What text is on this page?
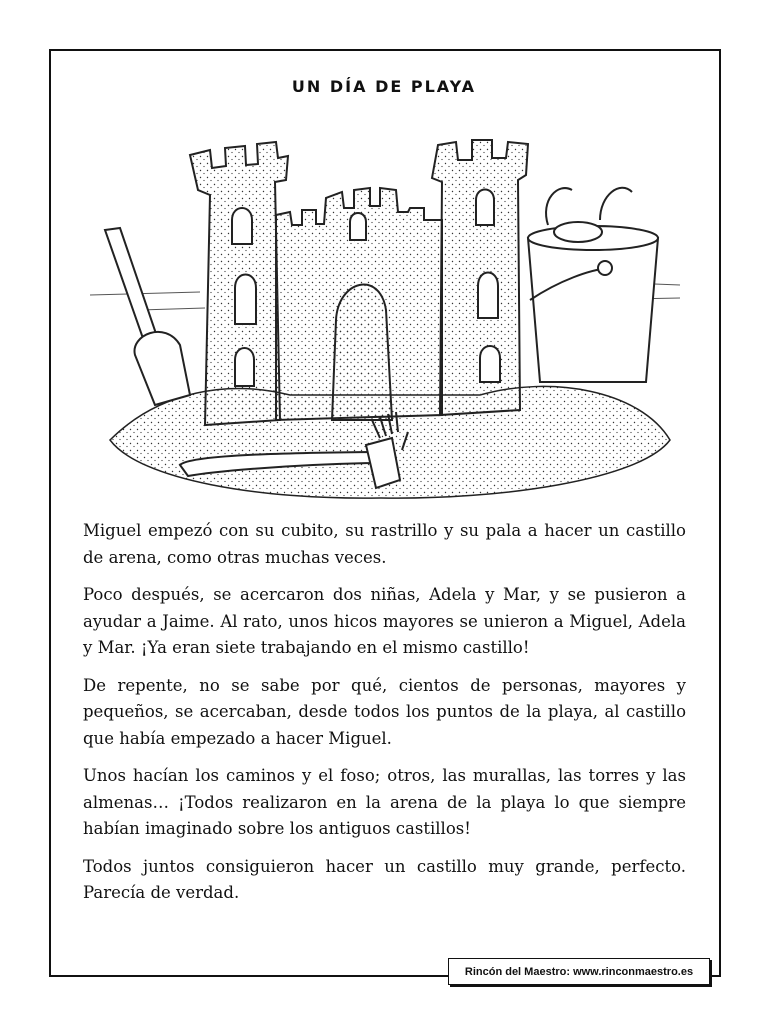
UN DÍA DE PLAYA

Miguel empezó con su cubito, su rastrillo y su pala a hacer un castillo de arena, como otras muchas veces.

Poco después, se acercaron dos niñas, Adela y Mar, y se pusieron a ayudar a Jaime. Al rato, unos hicos mayores se unieron a Miguel, Adela y Mar. ¡Ya eran siete trabajando en el mismo castillo!

De repente, no se sabe por qué, cientos de personas, mayores y pequeños, se acercaban, desde todos los puntos de la playa, al castillo que había empezado a hacer Miguel.

Unos hacían los caminos y el foso; otros, las murallas, las torres y las almenas… ¡Todos realizaron en la arena de la playa lo que siempre habían imaginado sobre los antiguos castillos!

Todos juntos consiguieron hacer un castillo muy grande, perfecto. Parecía de verdad.

Rincón del Maestro: www.rinconmaestro.es
